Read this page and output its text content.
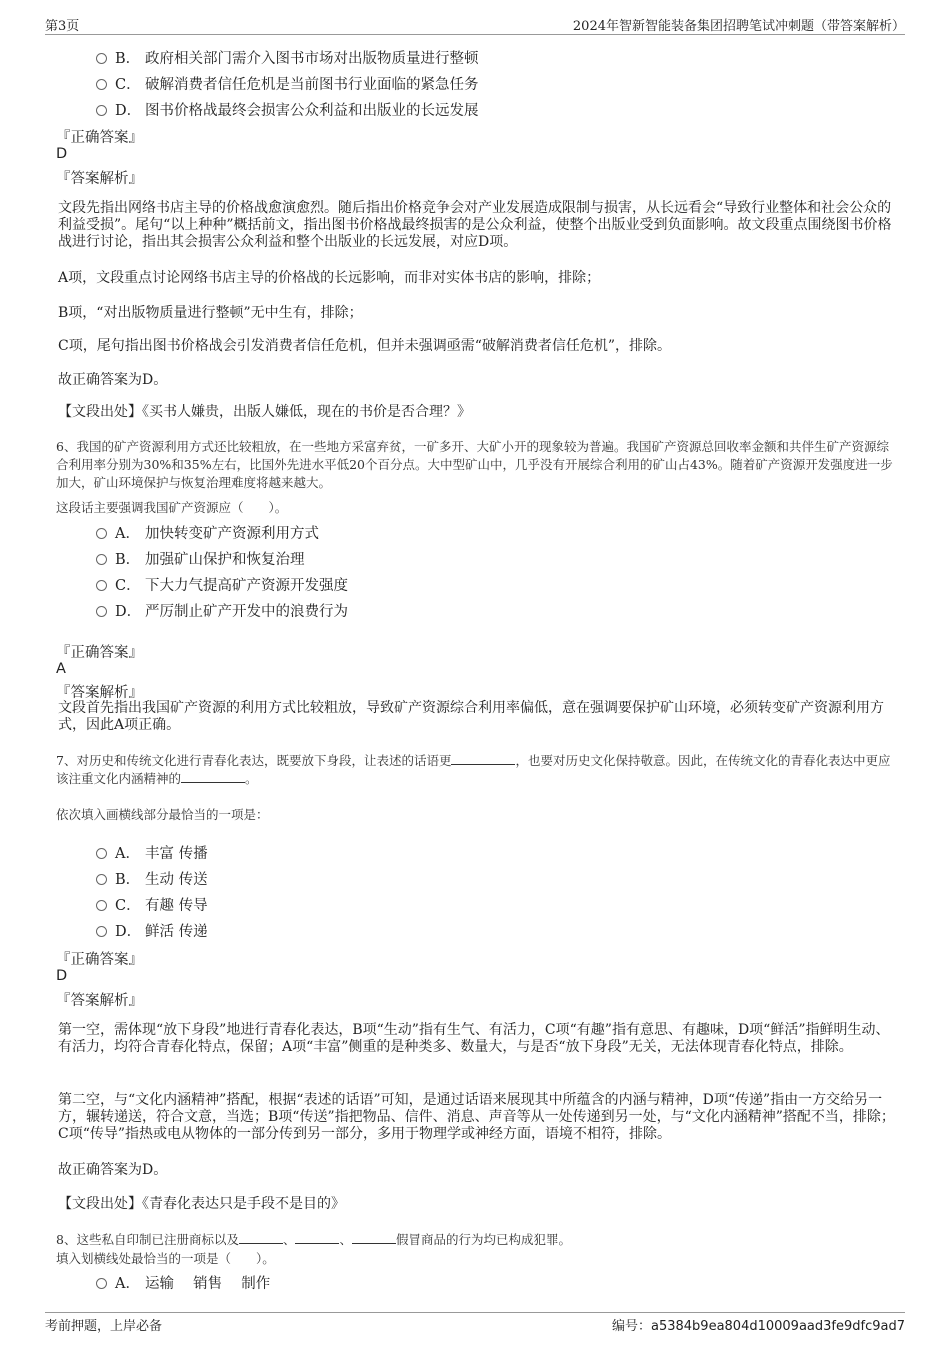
第3页	2024年智新智能装备集团招聘笔试冲刺题（带答案解析）
B． 政府相关部门需介入图书市场对出版物质量进行整顿
C． 破解消费者信任危机是当前图书行业面临的紧急任务
D． 图书价格战最终会损害公众利益和出版业的长远发展
『正确答案』
D
『答案解析』
文段先指出网络书店主导的价格战愈演愈烈。随后指出价格竞争会对产业发展造成限制与损害，从长远看会“导致行业整体和社会公众的利益受损”。尾句“以上种种”概括前文，指出图书价格战最终损害的是公众利益，使整个出版业受到负面影响。故文段重点围绕图书价格战进行讨论，指出其会损害公众利益和整个出版业的长远发展，对应D项。
A项，文段重点讨论网络书店主导的价格战的长远影响，而非对实体书店的影响，排除；
B项，“对出版物质量进行整顿”无中生有，排除；
C项，尾句指出图书价格战会引发消费者信任危机，但并未强调亟需“破解消费者信任危机”，排除。
故正确答案为D。
【文段出处】《买书人嫌贵，出版人嫌低，现在的书价是否合理？》
6、我国的矿产资源利用方式还比较粗放，在一些地方采富弃贫，一矿多开、大矿小开的现象较为普遍。我国矿产资源总回收率金额和共伴生矿产资源综合利用率分别为30%和35%左右，比国外先进水平低20个百分点。大中型矿山中，几乎没有开展综合利用的矿山占43%。随着矿产资源开发强度进一步加大，矿山环境保护与恢复治理难度将越来越大。
这段话主要强调我国矿产资源应（　　）。
A． 加快转变矿产资源利用方式
B． 加强矿山保护和恢复治理
C． 下大力气提高矿产资源开发强度
D． 严厉制止矿产开发中的浪费行为
『正确答案』
A
『答案解析』
文段首先指出我国矿产资源的利用方式比较粗放，导致矿产资源综合利用率偏低，意在强调要保护矿山环境，必须转变矿产资源利用方式，因此A项正确。
7、对历史和传统文化进行青春化表达，既要放下身段，让表述的话语更	，也要对历史文化保持敬意。因此，在传统文化的青春化表达中更应该注重文化内涵精神的	。
依次填入画横线部分最恰当的一项是：
A． 丰富 传播
B． 生动 传送
C． 有趣 传导
D． 鲜活 传递
『正确答案』
D
『答案解析』
第一空，需体现“放下身段”地进行青春化表达，B项“生动”指有生气、有活力，C项“有趣”指有意思、有趣味，D项“鲜活”指鲜明生动、有活力，均符合青春化特点，保留；A项“丰富”侧重的是种类多、数量大，与是否“放下身段”无关，无法体现青春化特点，排除。
第二空，与“文化内涵精神”搭配，根据“表述的话语”可知，是通过话语来展现其中所蕴含的内涵与精神，D项“传递”指由一方交给另一方，辗转递送，符合文意，当选；B项“传送”指把物品、信件、消息、声音等从一处传递到另一处，与“文化内涵精神”搭配不当，排除；C项“传导”指热或电从物体的一部分传到另一部分，多用于物理学或神经方面，语境不相符，排除。
故正确答案为D。
【文段出处】《青春化表达只是手段不是目的》
8、这些私自印制已注册商标以及	、	、	假冒商品的行为均已构成犯罪。
填入划横线处最恰当的一项是（　　）。
A． 运输　 销售　 制作
考前押题，上岸必备	编号：a5384b9ea804d10009aad3fe9dfc9ad7
